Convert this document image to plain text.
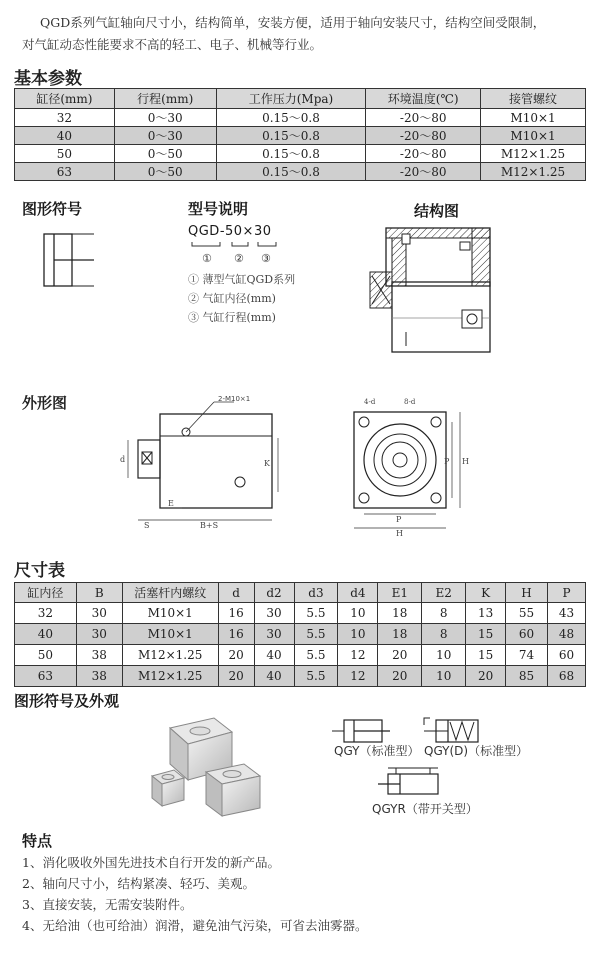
QGD系列气缸轴向尺寸小，结构简单，安装方便，适用于轴向安装尺寸，结构空间受限制，
对气缸动态性能要求不高的轻工、电子、机械等行业。
基本参数
缸径(mm)	行程(mm)	工作压力(Mpa)	环境温度(℃)	接管螺纹
32	0～30	0.15～0.8	-20～80	M10×1
40	0～30	0.15～0.8	-20～80	M10×1
50	0～50	0.15～0.8	-20～80	M12×1.25
63	0～50	0.15～0.8	-20～80	M12×1.25
图形符号	型号说明
QGD-50×30
① ② ③
① 薄型气缸QGD系列
② 气缸内径(mm)
③ 气缸行程(mm)
结构图
外形图	2-M10×1
d	K
B+S
E
S
4-d	8-d
P H
P
H
尺寸表
缸内径	B	活塞杆内螺纹	d	d2	d3	d4	E1	E2	K	H	P
32	30	M10×1	16	30	5.5	10	18	8	13	55	43
40	30	M10×1	16	30	5.5	10	18	8	15	60	48
50	38	M12×1.25	20	40	5.5	12	20	10	15	74	60
63	38	M12×1.25	20	40	5.5	12	20	10	20	85	68
图形符号及外观
QGY（标准型） QGY(D)（标准型）
QGYR（带开关型）
特点
1、消化吸收外国先进技术自行开发的新产品。
2、轴向尺寸小，结构紧凑、轻巧、美观。
3、直接安装，无需安装附件。
4、无给油（也可给油）润滑，避免油气污染，可省去油雾器。
